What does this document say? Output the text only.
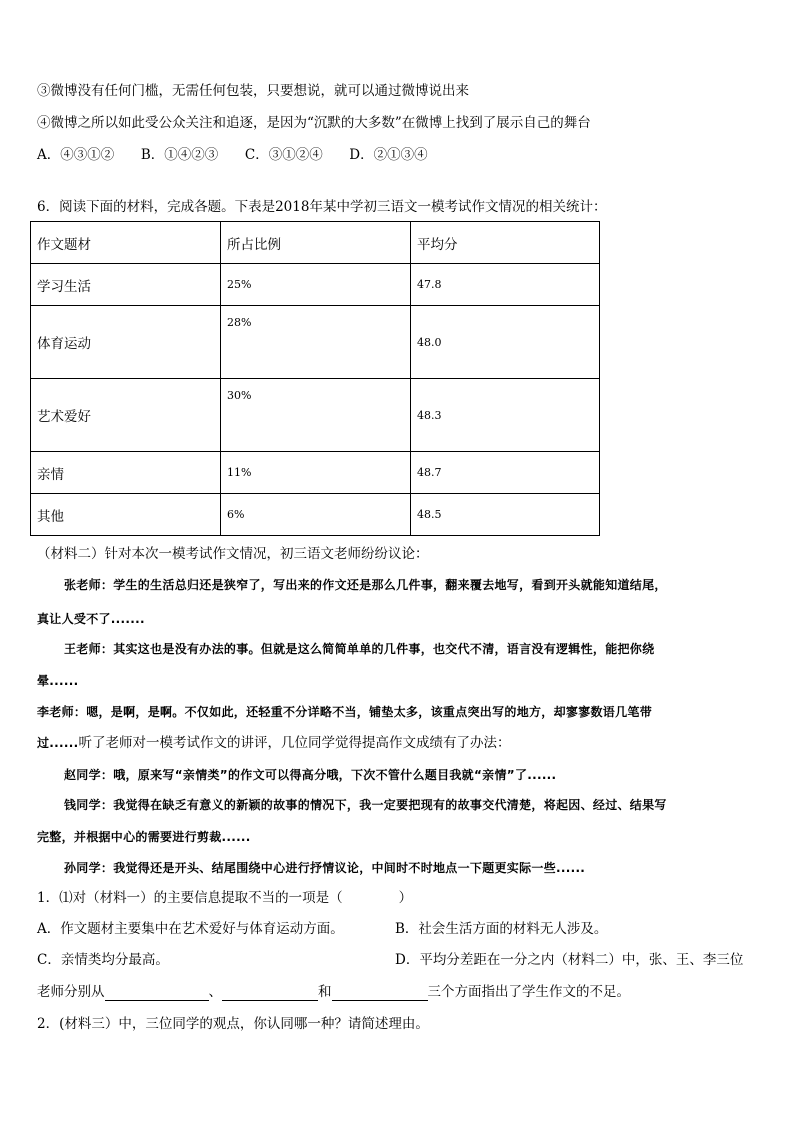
③微博没有任何门槛，无需任何包装，只要想说，就可以通过微博说出来
④微博之所以如此受公众关注和追逐，是因为“沉默的大多数”在微博上找到了展示自己的舞台
A．④③①② B．①④②③ C．③①②④ D．②①③④
6．阅读下面的材料，完成各题。下表是2018年某中学初三语文一模考试作文情况的相关统计：
作文题材	所占比例	平均分
学习生活	25%	47.8
体育运动	28%	48.0
艺术爱好	30%	48.3
亲情	11%	48.7
其他	6%	48.5
（材料二）针对本次一模考试作文情况，初三语文老师纷纷议论：
张老师：学生的生活总归还是狭窄了，写出来的作文还是那么几件事，翻来覆去地写，看到开头就能知道结尾，
真让人受不了.......
王老师：其实这也是没有办法的事。但就是这么简简单单的几件事，也交代不清，语言没有逻辑性，能把你绕
晕......
李老师：嗯，是啊，是啊。不仅如此，还轻重不分详略不当，铺垫太多，该重点突出写的地方，却寥寥数语几笔带
过......听了老师对一模考试作文的讲评，几位同学觉得提高作文成绩有了办法：
赵同学：哦，原来写“亲情类”的作文可以得高分哦，下次不管什么题目我就“亲情”了......
钱同学：我觉得在缺乏有意义的新颖的故事的情况下，我一定要把现有的故事交代清楚，将起因、经过、结果写
完整，并根据中心的需要进行剪裁......
孙同学：我觉得还是开头、结尾围绕中心进行抒情议论，中间时不时地点一下题更实际一些......
1．⑴对（材料一）的主要信息提取不当的一项是（	）
A．作文题材主要集中在艺术爱好与体育运动方面。	B．社会生活方面的材料无人涉及。
C．亲情类均分最高。	D．平均分差距在一分之内（材料二）中，张、王、李三位
老师分别从	、	和	三个方面指出了学生作文的不足。
2．(材料三）中，三位同学的观点，你认同哪一种？请简述理由。
